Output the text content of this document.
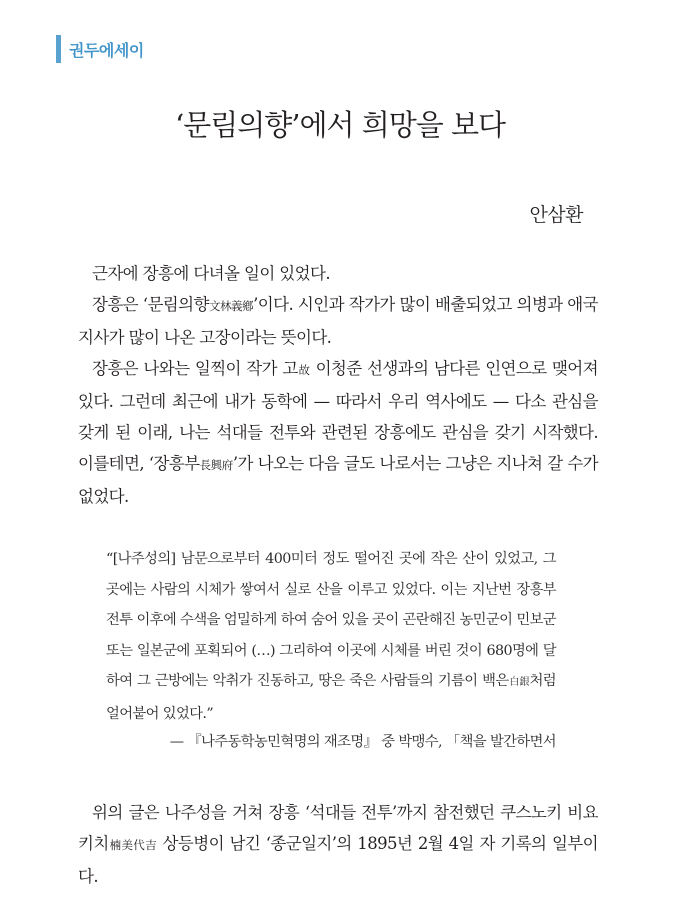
권두에세이
‘문림의향’에서 희망을 보다
안삼환

근자에 장흥에 다녀올 일이 있었다.

장흥은 ‘문림의향文林義鄕’이다. 시인과 작가가 많이 배출되었고 의병과 애국지사가 많이 나온 고장이라는 뜻이다.

장흥은 나와는 일찍이 작가 고故 이청준 선생과의 남다른 인연으로 맺어져 있다. 그런데 최근에 내가 동학에 — 따라서 우리 역사에도 — 다소 관심을 갖게 된 이래, 나는 석대들 전투와 관련된 장흥에도 관심을 갖기 시작했다. 이를테면, ‘장흥부長興府’가 나오는 다음 글도 나로서는 그냥은 지나쳐 갈 수가 없었다.

“[나주성의] 남문으로부터 400미터 정도 떨어진 곳에 작은 산이 있었고, 그곳에는 사람의 시체가 쌓여서 실로 산을 이루고 있었다. 이는 지난번 장흥부 전투 이후에 수색을 엄밀하게 하여 숨어 있을 곳이 곤란해진 농민군이 민보군 또는 일본군에 포획되어 (…) 그리하여 이곳에 시체를 버린 것이 680명에 달하여 그 근방에는 악취가 진동하고, 땅은 죽은 사람들의 기름이 백은白銀처럼 얼어붙어 있었다.”

— 『나주동학농민혁명의 재조명』 중 박맹수, 「책을 발간하면서

위의 글은 나주성을 거쳐 장흥 ‘석대들 전투’까지 참전했던 쿠스노키 비요키치楠美代吉 상등병이 남긴 ‘종군일지’의 1895년 2월 4일 자 기록의 일부이다.
